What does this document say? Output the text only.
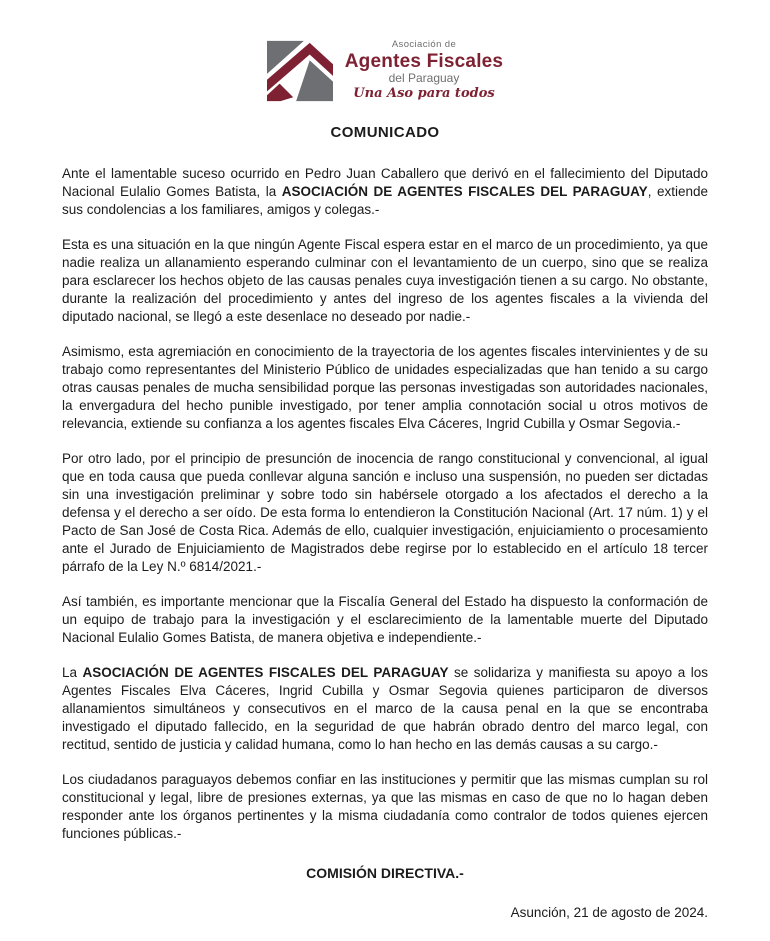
Asociación de
Agentes Fiscales
del Paraguay
Una Aso para todos
COMUNICADO

Ante el lamentable suceso ocurrido en Pedro Juan Caballero que derivó en el fallecimiento del Diputado Nacional Eulalio Gomes Batista, la ASOCIACIÓN DE AGENTES FISCALES DEL PARAGUAY, extiende sus condolencias a los familiares, amigos y colegas.-

Esta es una situación en la que ningún Agente Fiscal espera estar en el marco de un procedimiento, ya que nadie realiza un allanamiento esperando culminar con el levantamiento de un cuerpo, sino que se realiza para esclarecer los hechos objeto de las causas penales cuya investigación tienen a su cargo. No obstante, durante la realización del procedimiento y antes del ingreso de los agentes fiscales a la vivienda del diputado nacional, se llegó a este desenlace no deseado por nadie.-

Asimismo, esta agremiación en conocimiento de la trayectoria de los agentes fiscales intervinientes y de su trabajo como representantes del Ministerio Público de unidades especializadas que han tenido a su cargo otras causas penales de mucha sensibilidad porque las personas investigadas son autoridades nacionales, la envergadura del hecho punible investigado, por tener amplia connotación social u otros motivos de relevancia, extiende su confianza a los agentes fiscales Elva Cáceres, Ingrid Cubilla y Osmar Segovia.-

Por otro lado, por el principio de presunción de inocencia de rango constitucional y convencional, al igual que en toda causa que pueda conllevar alguna sanción e incluso una suspensión, no pueden ser dictadas sin una investigación preliminar y sobre todo sin habérsele otorgado a los afectados el derecho a la defensa y el derecho a ser oído. De esta forma lo entendieron la Constitución Nacional (Art. 17 núm. 1) y el Pacto de San José de Costa Rica. Además de ello, cualquier investigación, enjuiciamiento o procesamiento ante el Jurado de Enjuiciamiento de Magistrados debe regirse por lo establecido en el artículo 18 tercer párrafo de la Ley N.º 6814/2021.-

Así también, es importante mencionar que la Fiscalía General del Estado ha dispuesto la conformación de un equipo de trabajo para la investigación y el esclarecimiento de la lamentable muerte del Diputado Nacional Eulalio Gomes Batista, de manera objetiva e independiente.-

La ASOCIACIÓN DE AGENTES FISCALES DEL PARAGUAY se solidariza y manifiesta su apoyo a los Agentes Fiscales Elva Cáceres, Ingrid Cubilla y Osmar Segovia quienes participaron de diversos allanamientos simultáneos y consecutivos en el marco de la causa penal en la que se encontraba investigado el diputado fallecido, en la seguridad de que habrán obrado dentro del marco legal, con rectitud, sentido de justicia y calidad humana, como lo han hecho en las demás causas a su cargo.-

Los ciudadanos paraguayos debemos confiar en las instituciones y permitir que las mismas cumplan su rol constitucional y legal, libre de presiones externas, ya que las mismas en caso de que no lo hagan deben responder ante los órganos pertinentes y la misma ciudadanía como contralor de todos quienes ejercen funciones públicas.-

COMISIÓN DIRECTIVA.-

Asunción, 21 de agosto de 2024.
